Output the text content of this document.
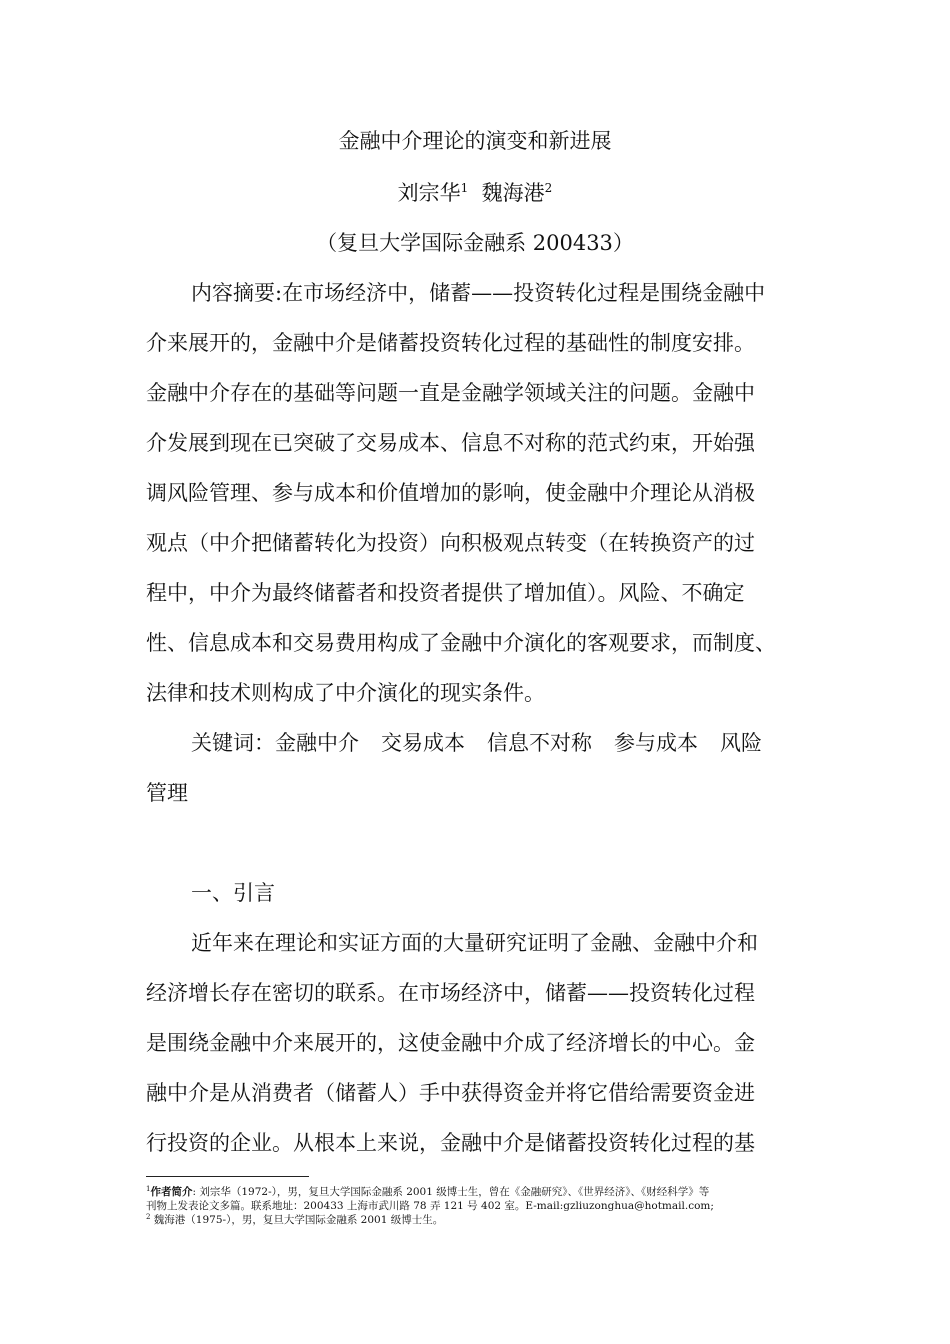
金融中介理论的演变和新进展
刘宗华$^1$ 魏海港$^2$
（复旦大学国际金融系 200433）
内容摘要:在市场经济中，储蓄——投资转化过程是围绕金融中
介来展开的，金融中介是储蓄投资转化过程的基础性的制度安排。
金融中介存在的基础等问题一直是金融学领域关注的问题。金融中
介发展到现在已突破了交易成本、信息不对称的范式约束，开始强
调风险管理、参与成本和价值增加的影响，使金融中介理论从消极
观点（中介把储蓄转化为投资）向积极观点转变（在转换资产的过
程中，中介为最终储蓄者和投资者提供了增加值）。风险、不确定
性、信息成本和交易费用构成了金融中介演化的客观要求，而制度、
法律和技术则构成了中介演化的现实条件。
关键词：金融中介 交易成本 信息不对称 参与成本 风险
管理
一、引言
近年来在理论和实证方面的大量研究证明了金融、金融中介和
经济增长存在密切的联系。在市场经济中，储蓄——投资转化过程
是围绕金融中介来展开的，这使金融中介成了经济增长的中心。金
融中介是从消费者（储蓄人）手中获得资金并将它借给需要资金进
行投资的企业。从根本上来说，金融中介是储蓄投资转化过程的基
$^1$作者简介: 刘宗华（1972-），男，复旦大学国际金融系 2001 级博士生，曾在《金融研究》、《世界经济》、《财经科学》等
刊物上发表论文多篇。联系地址：200433 上海市武川路 78 弄 121 号 402 室。E-mail:gzliuzonghua@hotmail.com;
$^2$ 魏海港（1975-），男，复旦大学国际金融系 2001 级博士生。
